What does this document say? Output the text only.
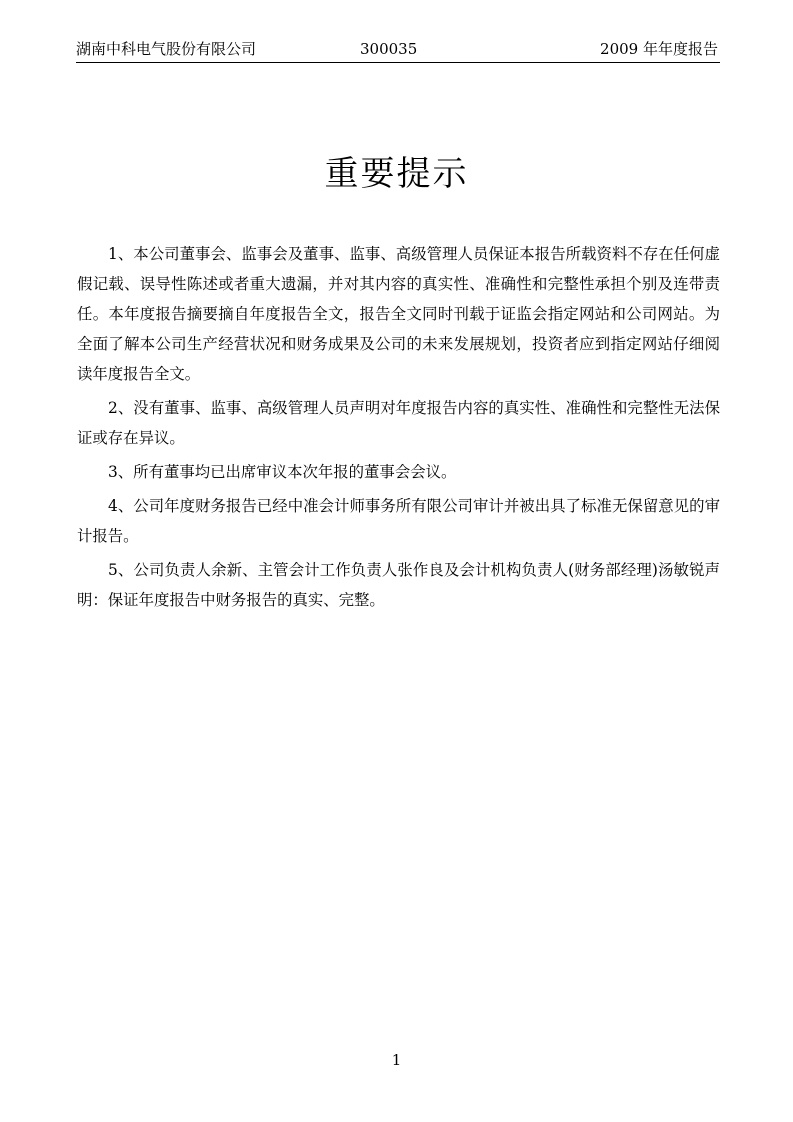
湖南中科电气股份有限公司	300035	2009 年年度报告
重要提示

1、本公司董事会、监事会及董事、监事、高级管理人员保证本报告所载资料不存在任何虚假记载、误导性陈述或者重大遗漏，并对其内容的真实性、准确性和完整性承担个别及连带责任。本年度报告摘要摘自年度报告全文，报告全文同时刊载于证监会指定网站和公司网站。为全面了解本公司生产经营状况和财务成果及公司的未来发展规划，投资者应到指定网站仔细阅读年度报告全文。

2、没有董事、监事、高级管理人员声明对年度报告内容的真实性、准确性和完整性无法保证或存在异议。

3、所有董事均已出席审议本次年报的董事会会议。

4、公司年度财务报告已经中准会计师事务所有限公司审计并被出具了标准无保留意见的审计报告。

5、公司负责人余新、主管会计工作负责人张作良及会计机构负责人(财务部经理)汤敏锐声明：保证年度报告中财务报告的真实、完整。

1
